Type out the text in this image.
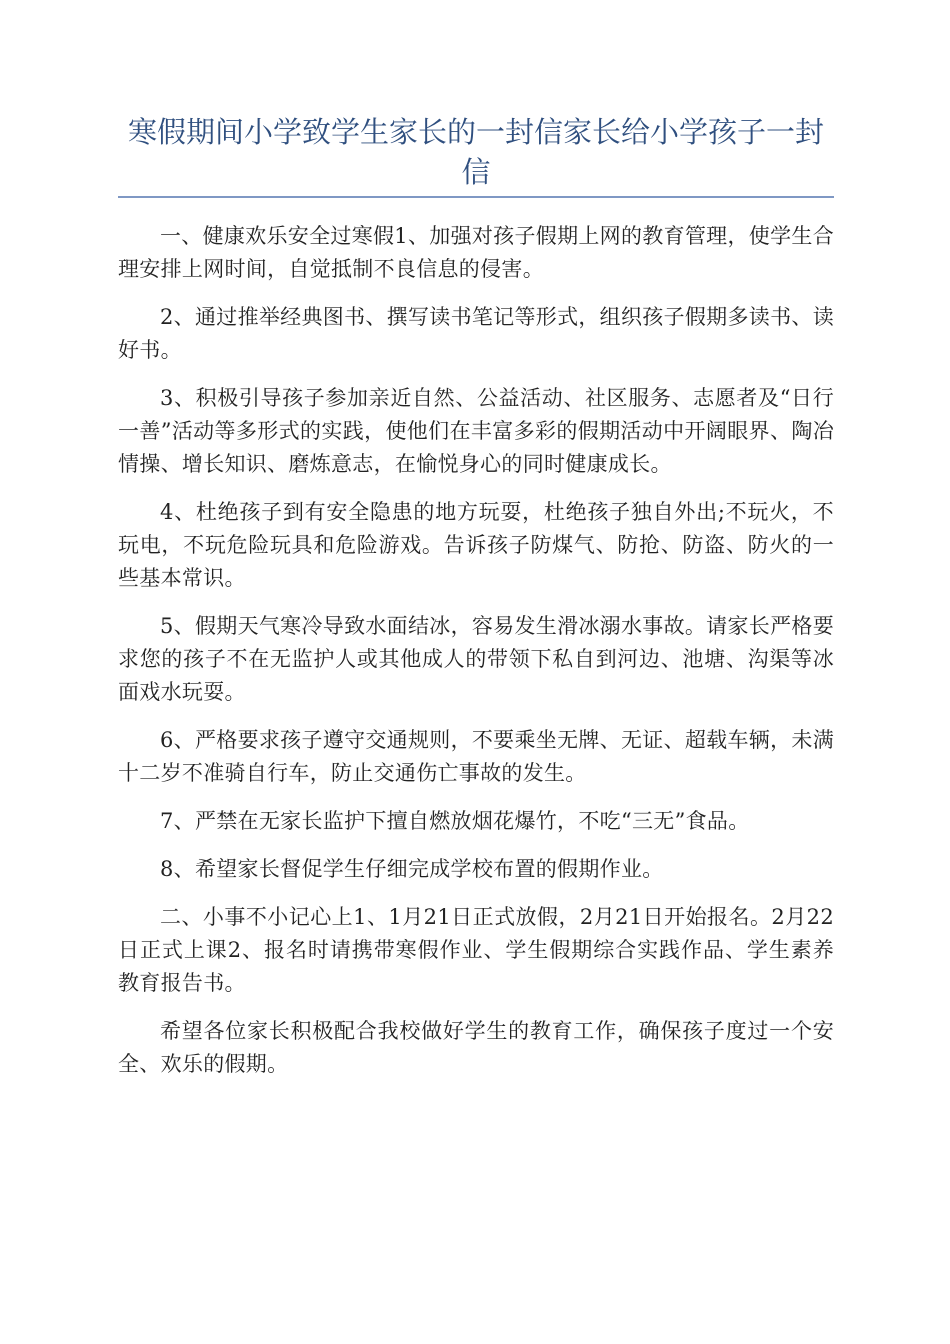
寒假期间小学致学生家长的一封信家长给小学孩子一封信

一、健康欢乐安全过寒假1、加强对孩子假期上网的教育管理，使学生合理安排上网时间，自觉抵制不良信息的侵害。

2、通过推举经典图书、撰写读书笔记等形式，组织孩子假期多读书、读好书。

3、积极引导孩子参加亲近自然、公益活动、社区服务、志愿者及“日行一善”活动等多形式的实践，使他们在丰富多彩的假期活动中开阔眼界、陶冶情操、增长知识、磨炼意志，在愉悦身心的同时健康成长。

4、杜绝孩子到有安全隐患的地方玩耍，杜绝孩子独自外出;不玩火，不玩电，不玩危险玩具和危险游戏。告诉孩子防煤气、防抢、防盗、防火的一些基本常识。

5、假期天气寒冷导致水面结冰，容易发生滑冰溺水事故。请家长严格要求您的孩子不在无监护人或其他成人的带领下私自到河边、池塘、沟渠等冰面戏水玩耍。

6、严格要求孩子遵守交通规则，不要乘坐无牌、无证、超载车辆，未满十二岁不准骑自行车，防止交通伤亡事故的发生。

7、严禁在无家长监护下擅自燃放烟花爆竹，不吃“三无”食品。

8、希望家长督促学生仔细完成学校布置的假期作业。

二、小事不小记心上1、1月21日正式放假，2月21日开始报名。2月22日正式上课2、报名时请携带寒假作业、学生假期综合实践作品、学生素养教育报告书。

希望各位家长积极配合我校做好学生的教育工作，确保孩子度过一个安全、欢乐的假期。
